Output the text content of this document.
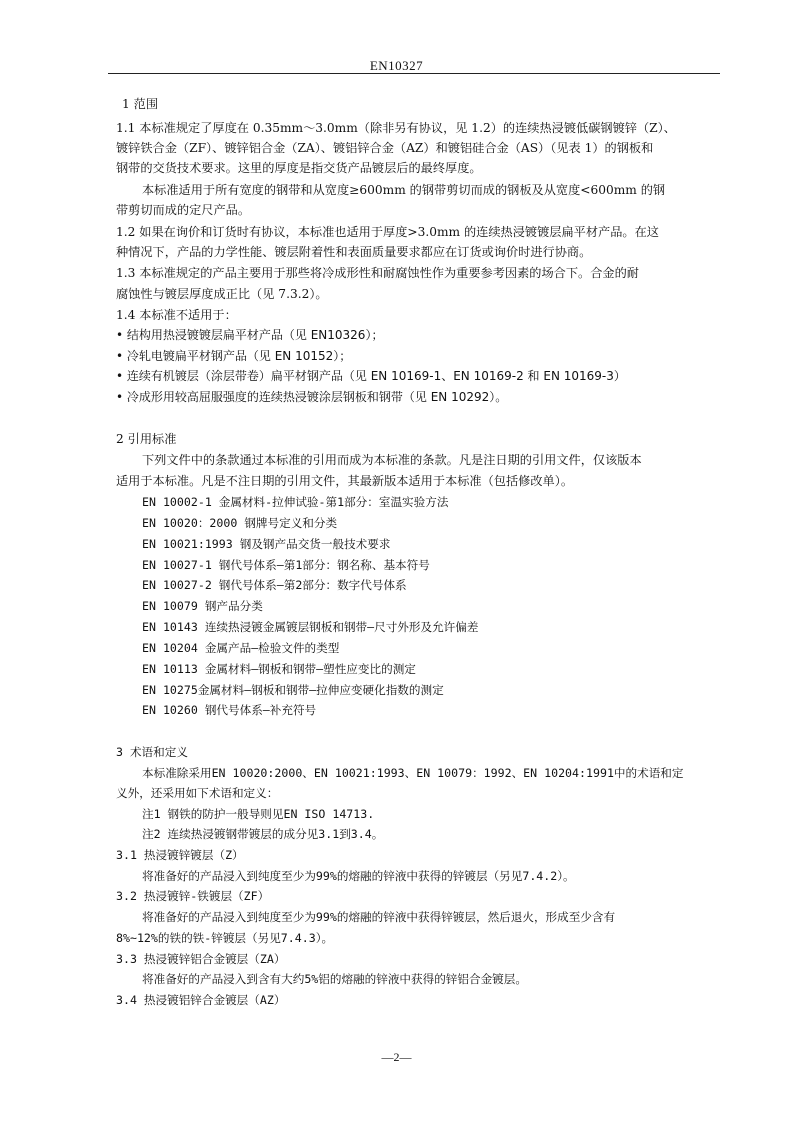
EN10327
1 范围
1.1 本标准规定了厚度在 0.35mm～3.0mm（除非另有协议，见 1.2）的连续热浸镀低碳钢镀锌（Z）、
镀锌铁合金（ZF）、镀锌铝合金（ZA）、镀铝锌合金（AZ）和镀铝硅合金（AS）（见表 1）的钢板和
钢带的交货技术要求。这里的厚度是指交货产品镀层后的最终厚度。
本标准适用于所有宽度的钢带和从宽度≥600mm 的钢带剪切而成的钢板及从宽度<600mm 的钢
带剪切而成的定尺产品。
1.2 如果在询价和订货时有协议，本标准也适用于厚度>3.0mm 的连续热浸镀镀层扁平材产品。在这
种情况下，产品的力学性能、镀层附着性和表面质量要求都应在订货或询价时进行协商。
1.3 本标准规定的产品主要用于那些将冷成形性和耐腐蚀性作为重要参考因素的场合下。合金的耐
腐蚀性与镀层厚度成正比（见 7.3.2）。
1.4 本标准不适用于：
• 结构用热浸镀镀层扁平材产品（见 EN10326）；
• 冷轧电镀扁平材钢产品（见 EN 10152）；
• 连续有机镀层（涂层带卷）扁平材钢产品（见 EN 10169-1、EN 10169-2 和 EN 10169-3）
• 冷成形用较高屈服强度的连续热浸镀涂层钢板和钢带（见 EN 10292）。
2 引用标准
下列文件中的条款通过本标准的引用而成为本标准的条款。凡是注日期的引用文件，仅该版本
适用于本标准。凡是不注日期的引用文件，其最新版本适用于本标准（包括修改单）。
EN 10002-1 金属材料-拉伸试验-第1部分：室温实验方法
EN 10020：2000 钢牌号定义和分类
EN 10021:1993 钢及钢产品交货一般技术要求
EN 10027-1 钢代号体系—第1部分：钢名称、基本符号
EN 10027-2 钢代号体系—第2部分：数字代号体系
EN 10079 钢产品分类
EN 10143 连续热浸镀金属镀层钢板和钢带—尺寸外形及允许偏差
EN 10204 金属产品—检验文件的类型
EN 10113 金属材料—钢板和钢带—塑性应变比的测定
EN 10275金属材料—钢板和钢带—拉伸应变硬化指数的测定
EN 10260 钢代号体系—补充符号
3 术语和定义
本标准除采用EN 10020:2000、EN 10021:1993、EN 10079：1992、EN 10204:1991中的术语和定
义外，还采用如下术语和定义：
注1 钢铁的防护一般导则见EN ISO 14713.
注2 连续热浸镀钢带镀层的成分见3.1到3.4。
3.1 热浸镀锌镀层（Z）
将准备好的产品浸入到纯度至少为99%的熔融的锌液中获得的锌镀层（另见7.4.2）。
3.2 热浸镀锌-铁镀层（ZF）
将准备好的产品浸入到纯度至少为99%的熔融的锌液中获得锌镀层，然后退火，形成至少含有
8%~12%的铁的铁-锌镀层（另见7.4.3）。
3.3 热浸镀锌铝合金镀层（ZA）
将准备好的产品浸入到含有大约5%铝的熔融的锌液中获得的锌铝合金镀层。
3.4 热浸镀铝锌合金镀层（AZ）
—2—
